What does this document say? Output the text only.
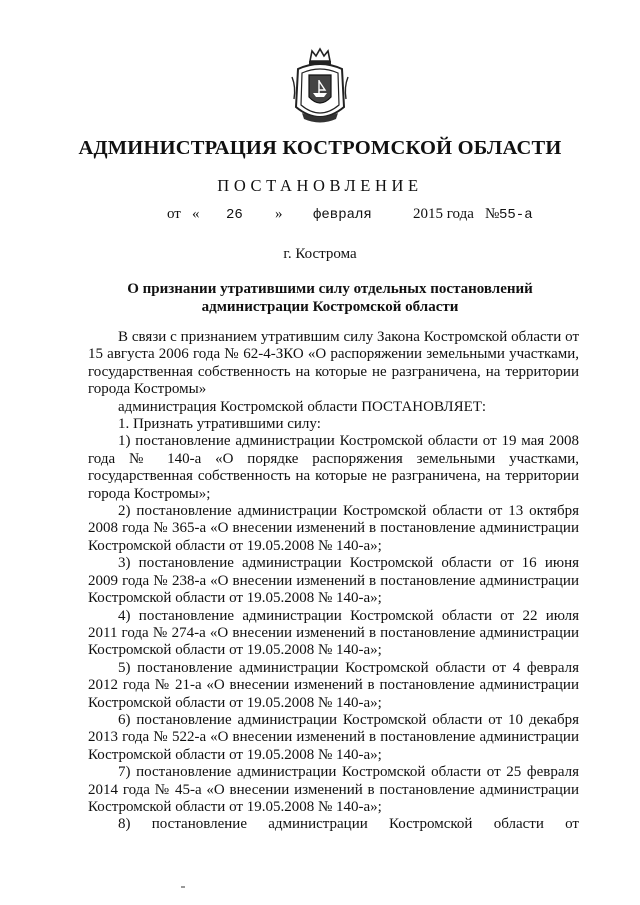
АДМИНИСТРАЦИЯ КОСТРОМСКОЙ ОБЛАСТИ
ПОСТАНОВЛЕНИЕ
от « 26 » февраля	2015 года № 55-а
г. Кострома
О признании утратившими силу отдельных постановлений
администрации Костромской области

В связи с признанием утратившим силу Закона Костромской области от 15 августа 2006 года № 62-4-ЗКО «О распоряжении земельными участками, государственная собственность на которые не разграничена, на территории города Костромы»

администрация Костромской области ПОСТАНОВЛЯЕТ:

1. Признать утратившими силу:

1) постановление администрации Костромской области от 19 мая 2008 года № 140-а «О порядке распоряжения земельными участками, государственная собственность на которые не разграничена, на территории города Костромы»;

2) постановление администрации Костромской области от 13 октября 2008 года № 365-а «О внесении изменений в постановление администрации Костромской области от 19.05.2008 № 140-а»;

3) постановление администрации Костромской области от 16 июня 2009 года № 238-а «О внесении изменений в постановление администрации Костромской области от 19.05.2008 № 140-а»;

4) постановление администрации Костромской области от 22 июля 2011 года № 274-а «О внесении изменений в постановление администрации Костромской области от 19.05.2008 № 140-а»;

5) постановление администрации Костромской области от 4 февраля 2012 года № 21-а «О внесении изменений в постановление администрации Костромской области от 19.05.2008 № 140-а»;

6) постановление администрации Костромской области от 10 декабря 2013 года № 522-а «О внесении изменений в постановление администрации Костромской области от 19.05.2008 № 140-а»;

7) постановление администрации Костромской области от 25 февраля 2014 года № 45-а «О внесении изменений в постановление администрации Костромской области от 19.05.2008 № 140-а»;

8) постановление администрации Костромской области от
